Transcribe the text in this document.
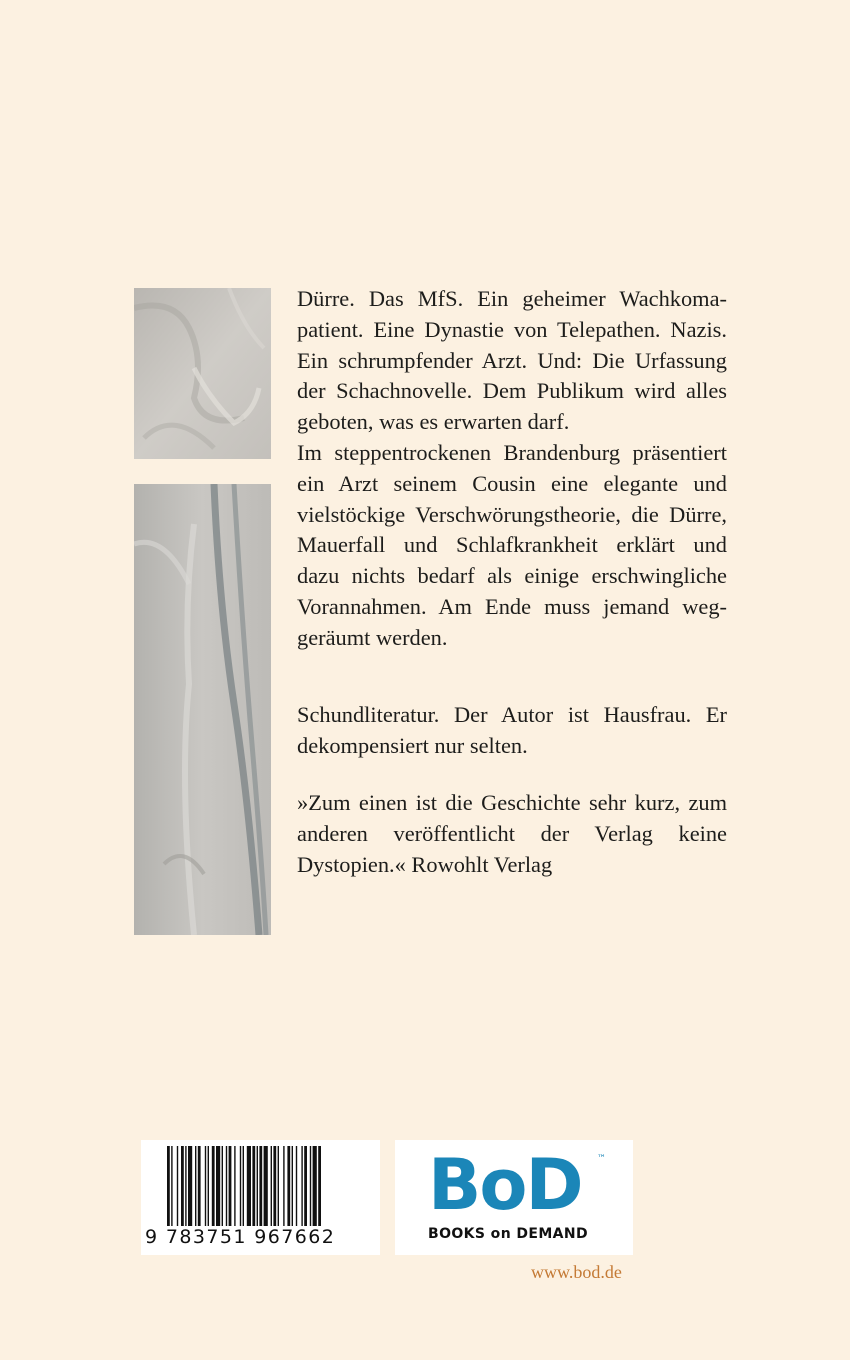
Dürre. Das MfS. Ein geheimer Wachkoma-

patient. Eine Dynastie von Telepathen. Nazis.

Ein schrumpfender Arzt. Und: Die Urfassung

der Schachnovelle. Dem Publikum wird alles

geboten, was es erwarten darf.

Im steppentrockenen Brandenburg präsentiert

ein Arzt seinem Cousin eine elegante und

vielstöckige Verschwörungstheorie, die Dürre,

Mauerfall und Schlafkrankheit erklärt und

dazu nichts bedarf als einige erschwingliche

Vorannahmen. Am Ende muss jemand weg-

geräumt werden.

Schundliteratur. Der Autor ist Hausfrau. Er

dekompensiert nur selten.

»Zum einen ist die Geschichte sehr kurz, zum

anderen veröffentlicht der Verlag keine

Dystopien.« Rowohlt Verlag

9 783751 967662
BoD ™
BOOKS on DEMAND
www.bod.de
